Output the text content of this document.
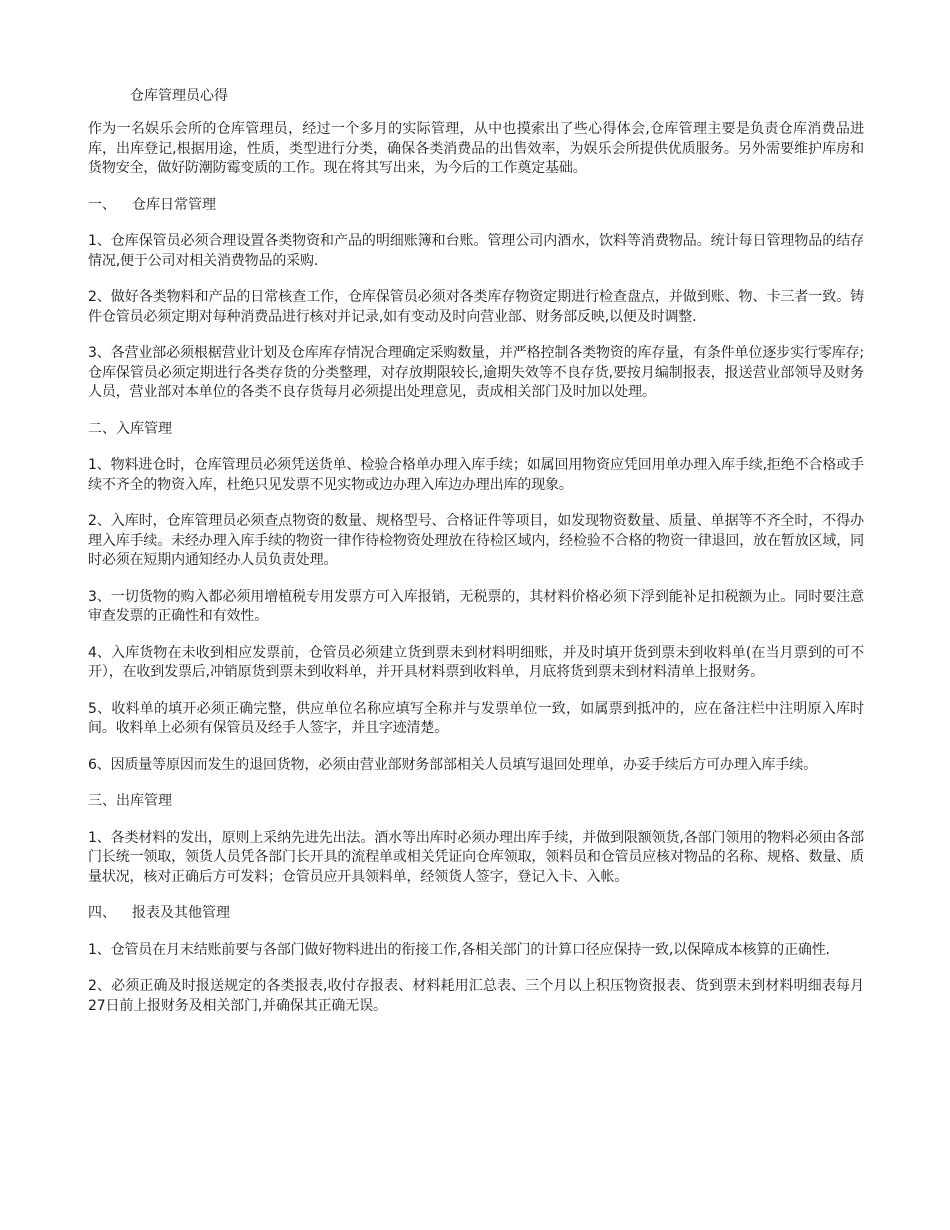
仓库管理员心得

作为一名娱乐会所的仓库管理员，经过一个多月的实际管理，从中也摸索出了些心得体会,仓库管理主要是负责仓库消费品进库，出库登记,根据用途，性质，类型进行分类，确保各类消费品的出售效率，为娱乐会所提供优质服务。另外需要维护库房和货物安全，做好防潮防霉变质的工作。现在将其写出来，为今后的工作奠定基础。

一、 仓库日常管理

1、仓库保管员必须合理设置各类物资和产品的明细账簿和台账。管理公司内酒水，饮料等消费物品。统计每日管理物品的结存情况,便于公司对相关消费物品的采购.

2、做好各类物料和产品的日常核查工作，仓库保管员必须对各类库存物资定期进行检查盘点，并做到账、物、卡三者一致。铸件仓管员必须定期对每种消费品进行核对并记录,如有变动及时向营业部、财务部反映,以便及时调整.

3、各营业部必须根椐营业计划及仓库库存情况合理确定采购数量，并严格控制各类物资的库存量，有条件单位逐步实行零库存;仓库保管员必须定期进行各类存货的分类整理，对存放期限较长,逾期失效等不良存货,要按月编制报表，报送营业部领导及财务人员，营业部对本单位的各类不良存货每月必须提出处理意见，责成相关部门及时加以处理。

二、入库管理

1、物料进仓时，仓库管理员必须凭送货单、检验合格单办理入库手续；如属回用物资应凭回用单办理入库手续,拒绝不合格或手续不齐全的物资入库，杜绝只见发票不见实物或边办理入库边办理出库的现象。

2、入库时，仓库管理员必须查点物资的数量、规格型号、合格证件等项目，如发现物资数量、质量、单据等不齐全时，不得办理入库手续。未经办理入库手续的物资一律作待检物资处理放在待检区域内，经检验不合格的物资一律退回，放在暂放区域，同时必须在短期内通知经办人员负责处理。

3、一切货物的购入都必须用增植税专用发票方可入库报销，无税票的，其材料价格必须下浮到能补足扣税额为止。同时要注意审查发票的正确性和有效性。

4、入库货物在未收到相应发票前，仓管员必须建立货到票未到材料明细账，并及时填开货到票未到收料单(在当月票到的可不开），在收到发票后,冲销原货到票未到收料单，并开具材料票到收料单，月底将货到票未到材料清单上报财务。

5、收料单的填开必须正确完整，供应单位名称应填写全称并与发票单位一致，如属票到抵冲的，应在备注栏中注明原入库时间。收料单上必须有保管员及经手人签字，并且字迹清楚。

6、因质量等原因而发生的退回货物，必须由营业部财务部部相关人员填写退回处理单，办妥手续后方可办理入库手续。

三、出库管理

1、各类材料的发出，原则上采纳先进先出法。酒水等出库时必须办理出库手续，并做到限额领货,各部门领用的物料必须由各部门长统一领取，领货人员凭各部门长开具的流程单或相关凭证向仓库领取，领料员和仓管员应核对物品的名称、规格、数量、质量状况，核对正确后方可发料；仓管员应开具领料单，经领货人签字，登记入卡、入帐。

四、 报表及其他管理

1、仓管员在月末结账前要与各部门做好物料进出的衔接工作,各相关部门的计算口径应保持一致,以保障成本核算的正确性.

2、必须正确及时报送规定的各类报表,收付存报表、材料耗用汇总表、三个月以上积压物资报表、货到票未到材料明细表每月27日前上报财务及相关部门,并确保其正确无误。
